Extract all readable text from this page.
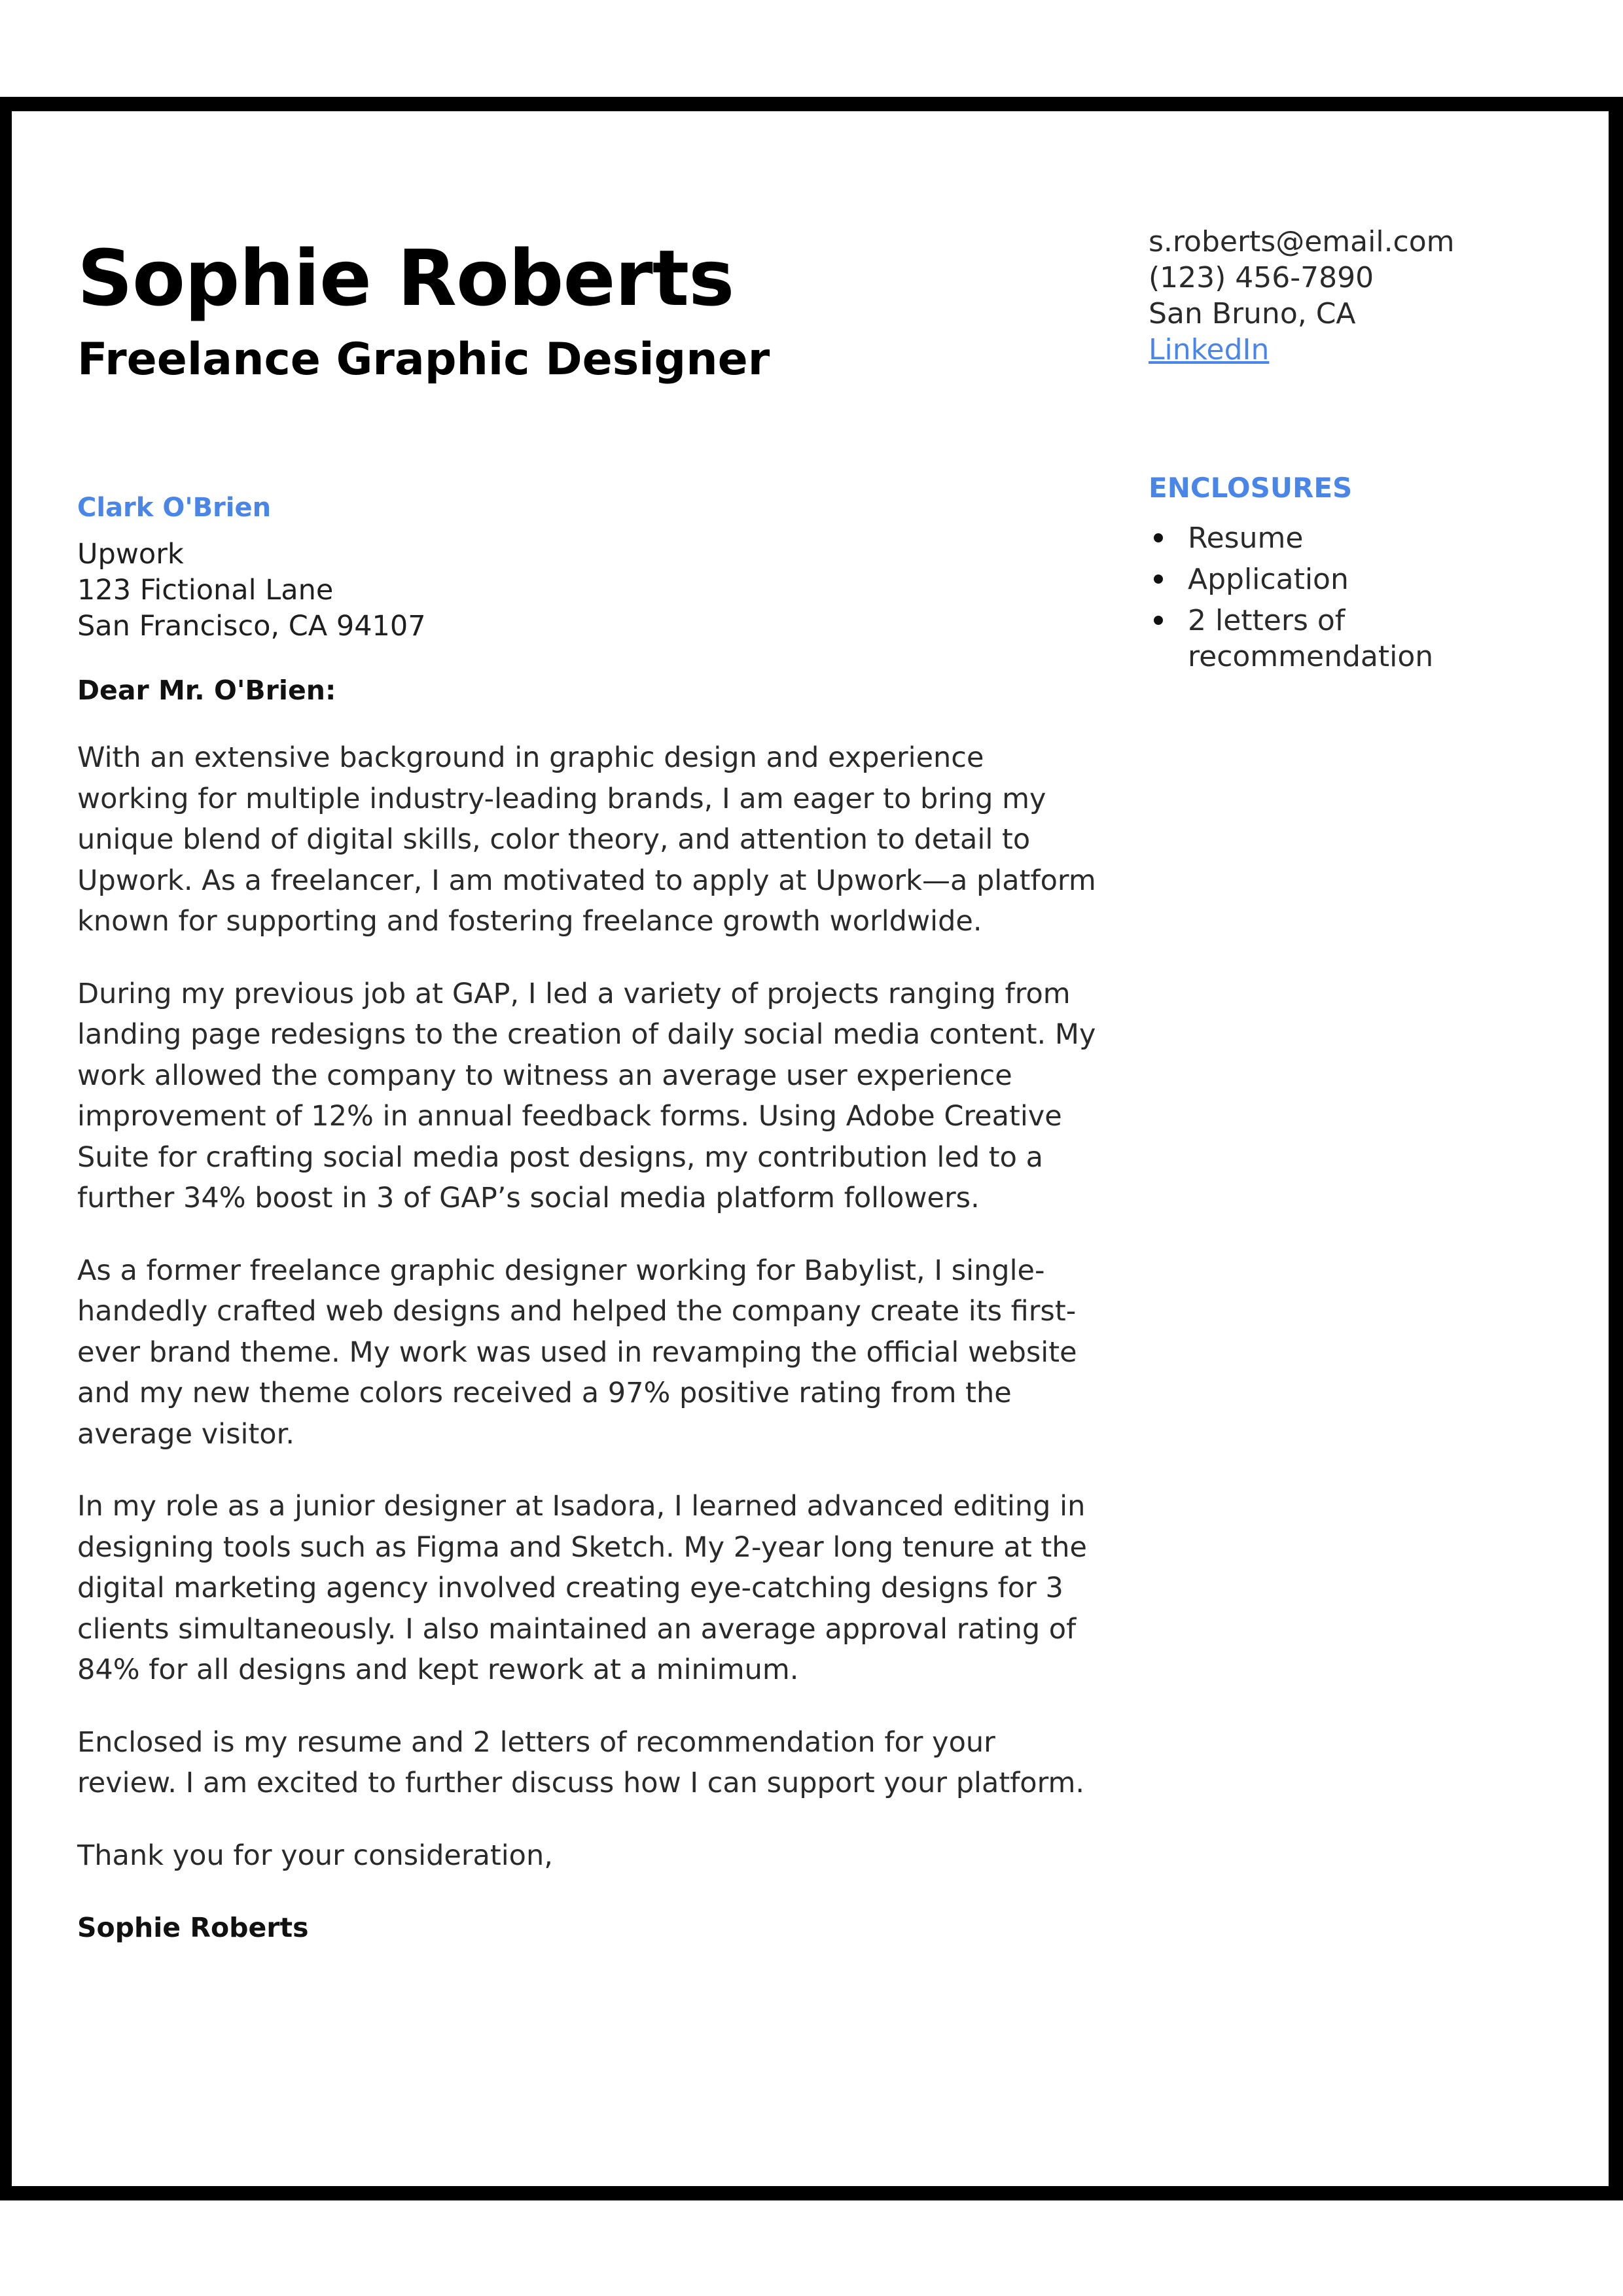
Sophie Roberts
Freelance Graphic Designer

Clark O'Brien

Upwork

123 Fictional Lane

San Francisco, CA 94107

Dear Mr. O'Brien:

With an extensive background in graphic design and experience working for multiple industry-leading brands, I am eager to bring my unique blend of digital skills, color theory, and attention to detail to Upwork. As a freelancer, I am motivated to apply at Upwork—a platform known for supporting and fostering freelance growth worldwide.

During my previous job at GAP, I led a variety of projects ranging from landing page redesigns to the creation of daily social media content. My work allowed the company to witness an average user experience improvement of 12% in annual feedback forms. Using Adobe Creative Suite for crafting social media post designs, my contribution led to a further 34% boost in 3 of GAP’s social media platform followers.

As a former freelance graphic designer working for Babylist, I single-handedly crafted web designs and helped the company create its first-ever brand theme. My work was used in revamping the official website and my new theme colors received a 97% positive rating from the average visitor.

In my role as a junior designer at Isadora, I learned advanced editing in designing tools such as Figma and Sketch. My 2-year long tenure at the digital marketing agency involved creating eye-catching designs for 3 clients simultaneously. I also maintained an average approval rating of 84% for all designs and kept rework at a minimum.

Enclosed is my resume and 2 letters of recommendation for your review. I am excited to further discuss how I can support your platform.

Thank you for your consideration,

Sophie Roberts

s.roberts@email.com

(123) 456-7890

San Bruno, CA

LinkedIn

ENCLOSURES

Resume
Application
2 letters of recommendation
